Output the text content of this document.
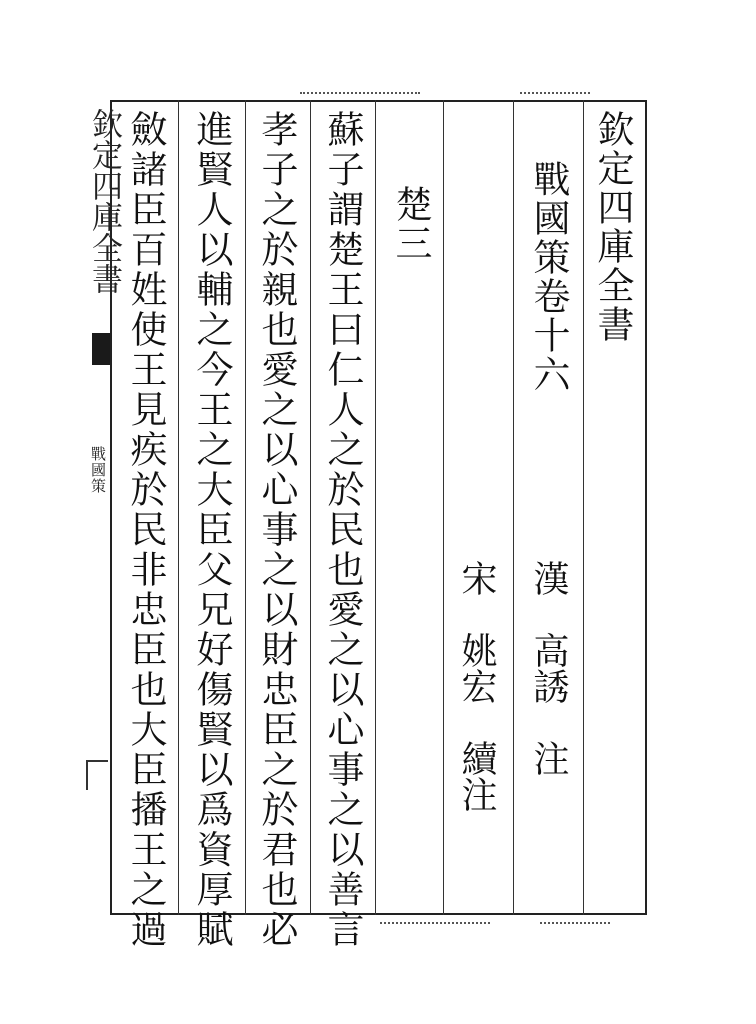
欽定四庫全書
戰國策卷十六
漢　高誘　注
宋　姚宏　續注
楚三
蘇子謂楚王曰仁人之於民也愛之以心事之以善言
孝子之於親也愛之以心事之以財忠臣之於君也必
進賢人以輔之今王之大臣父兄好傷賢以爲資厚賦
斂諸臣百姓使王見疾於民非忠臣也大臣播王之過
欽定四庫全書
戰國策
